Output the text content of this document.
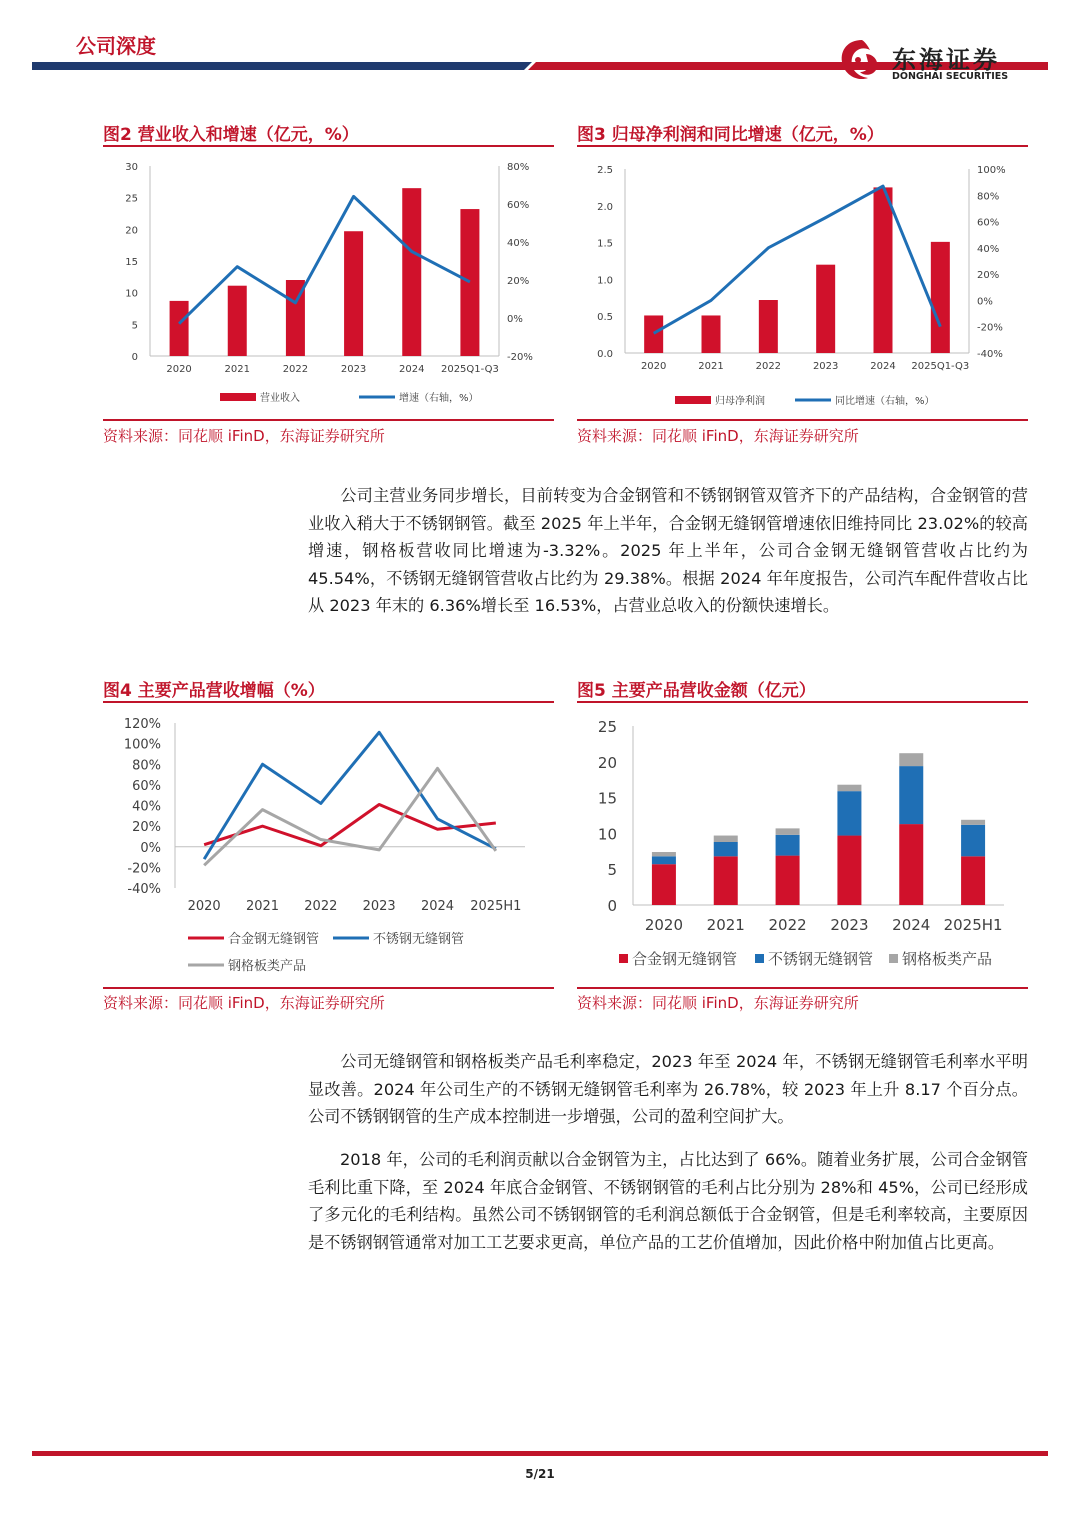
公司深度	东海证券
DONGHAI SECURITIES
图2 营业收入和增速（亿元，%）
0
5
10
15
20
25
30
-20%
0%
20%
40%
60%
80%
2020	2021	2022	2023	2024 2025Q1-Q3
营业收入	增速（右轴，%）
资料来源：同花顺 iFinD，东海证券研究所
图3 归母净利润和同比增速（亿元，%）
0.0
0.5
1.0
1.5
2.0
2.5
-40%
-20%
0%
20%
40%
60%
80%
100%
2020	2021	2022	2023	2024 2025Q1-Q3
归母净利润	同比增速（右轴，%）
资料来源：同花顺 iFinD，东海证券研究所
公司主营业务同步增长，目前转变为合金钢管和不锈钢钢管双管齐下的产品结构，合金钢管的营业收入稍大于不锈钢钢管。截至 2025 年上半年，合金钢无缝钢管增速依旧维持同比 23.02%的较高增速，钢格板营收同比增速为-3.32%。2025 年上半年，公司合金钢无缝钢管营收占比约为 45.54%，不锈钢无缝钢管营收占比约为 29.38%。根据 2024 年年度报告，公司汽车配件营收占比从 2023 年末的 6.36%增长至 16.53%，占营业总收入的份额快速增长。
图4 主要产品营收增幅（%）
-40%
-20%
0%
20%
40%
60%
80%
100%
120%
2020 2021 2022 2023 2024 2025H1
合金钢无缝钢管	不锈钢无缝钢管
钢格板类产品
资料来源：同花顺 iFinD，东海证券研究所
图5 主要产品营收金额（亿元）
0
5
10
15
20
25
2020 2021 2022 2023 2024 2025H1
合金钢无缝钢管 不锈钢无缝钢管 钢格板类产品
资料来源：同花顺 iFinD，东海证券研究所
公司无缝钢管和钢格板类产品毛利率稳定，2023 年至 2024 年，不锈钢无缝钢管毛利率水平明显改善。2024 年公司生产的不锈钢无缝钢管毛利率为 26.78%，较 2023 年上升 8.17 个百分点。公司不锈钢钢管的生产成本控制进一步增强，公司的盈利空间扩大。
2018 年，公司的毛利润贡献以合金钢管为主，占比达到了 66%。随着业务扩展，公司合金钢管毛利比重下降，至 2024 年底合金钢管、不锈钢钢管的毛利占比分别为 28%和 45%，公司已经形成了多元化的毛利结构。虽然公司不锈钢钢管的毛利润总额低于合金钢管，但是毛利率较高，主要原因是不锈钢钢管通常对加工工艺要求更高，单位产品的工艺价值增加，因此价格中附加值占比更高。
5/21
